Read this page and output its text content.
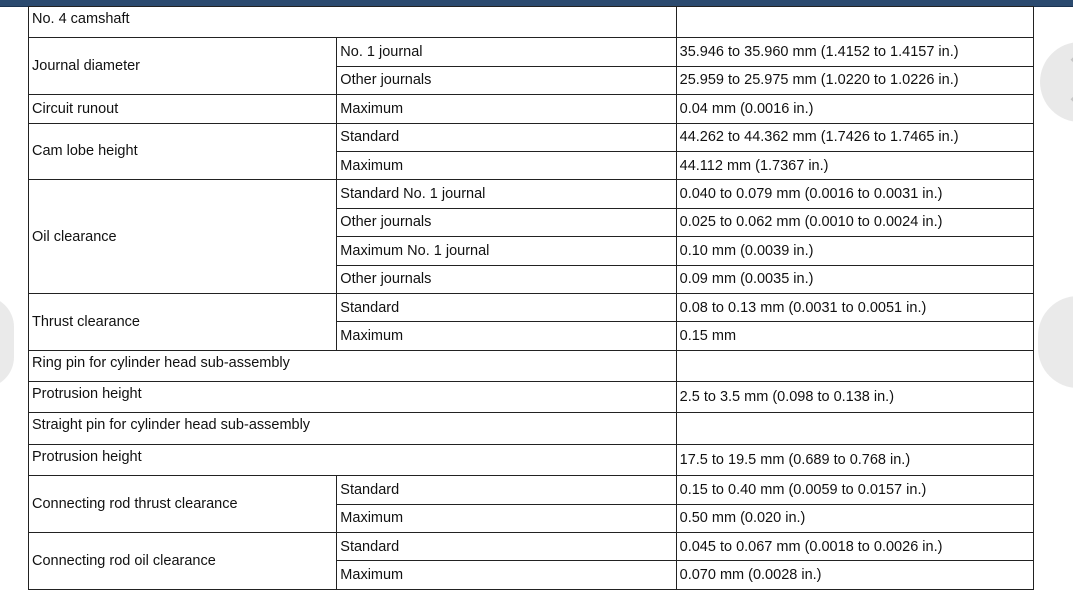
No. 4 camshaft		
Journal diameter	No. 1 journal	35.946 to 35.960 mm (1.4152 to 1.4157 in.)
	Other journals	25.959 to 25.975 mm (1.0220 to 1.0226 in.)
Circuit runout	Maximum	0.04 mm (0.0016 in.)
Cam lobe height	Standard	44.262 to 44.362 mm (1.7426 to 1.7465 in.)
	Maximum	44.112 mm (1.7367 in.)
Oil clearance	Standard No. 1 journal	0.040 to 0.079 mm (0.0016 to 0.0031 in.)
	Other journals	0.025 to 0.062 mm (0.0010 to 0.0024 in.)
	Maximum No. 1 journal	0.10 mm (0.0039 in.)
	Other journals	0.09 mm (0.0035 in.)
Thrust clearance	Standard	0.08 to 0.13 mm (0.0031 to 0.0051 in.)
	Maximum	0.15 mm
Ring pin for cylinder head sub-assembly		
Protrusion height		2.5 to 3.5 mm (0.098 to 0.138 in.)
Straight pin for cylinder head sub-assembly		
Protrusion height		17.5 to 19.5 mm (0.689 to 0.768 in.)
Connecting rod thrust clearance	Standard	0.15 to 0.40 mm (0.0059 to 0.0157 in.)
	Maximum	0.50 mm (0.020 in.)
Connecting rod oil clearance	Standard	0.045 to 0.067 mm (0.0018 to 0.0026 in.)
	Maximum	0.070 mm (0.0028 in.)
